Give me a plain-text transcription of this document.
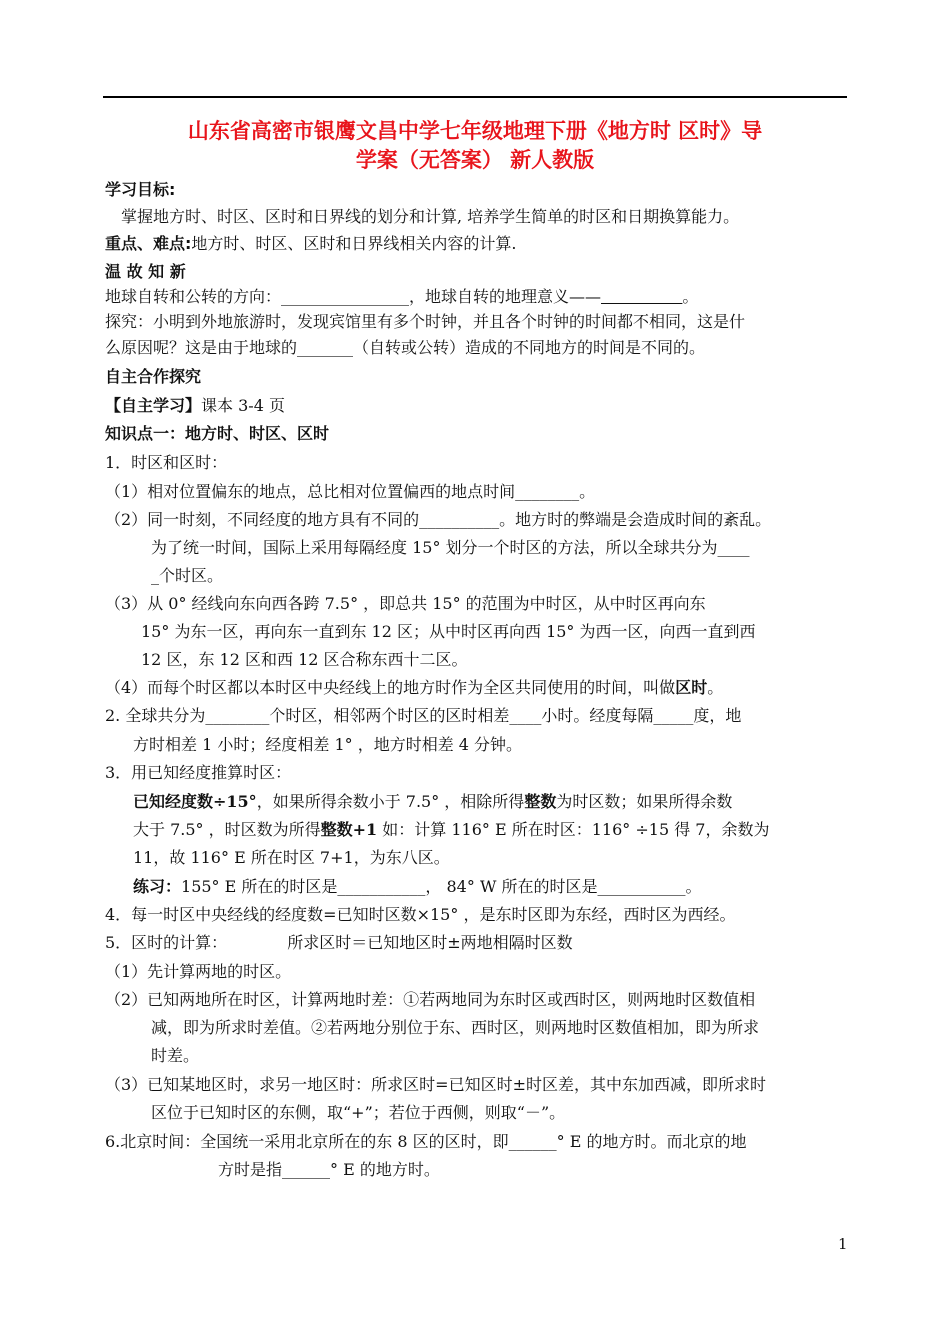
山东省高密市银鹰文昌中学七年级地理下册《地方时 区时》导
学案（无答案） 新人教版
学习目标:
掌握地方时、时区、区时和日界线的划分和计算, 培养学生简单的时区和日期换算能力。
重点、难点:地方时、时区、区时和日界线相关内容的计算.
温 故 知 新
地球自转和公转的方向：________________，地球自转的地理意义——	。
探究：小明到外地旅游时，发现宾馆里有多个时钟，并且各个时钟的时间都不相同，这是什
么原因呢？这是由于地球的_______（自转或公转）造成的不同地方的时间是不同的。
自主合作探究
【自主学习】课本 3-4 页
知识点一：地方时、时区、区时
1．时区和区时：
（1）相对位置偏东的地点，总比相对位置偏西的地点时间________。
（2）同一时刻，不同经度的地方具有不同的__________。地方时的弊端是会造成时间的紊乱。
为了统一时间，国际上采用每隔经度 15° 划分一个时区的方法，所以全球共分为____
_个时区。
（3）从 0° 经线向东向西各跨 7.5° ，即总共 15° 的范围为中时区，从中时区再向东
15° 为东一区，再向东一直到东 12 区；从中时区再向西 15° 为西一区，向西一直到西
12 区，东 12 区和西 12 区合称东西十二区。
（4）而每个时区都以本时区中央经线上的地方时作为全区共同使用的时间，叫做区时。
2. 全球共分为________个时区，相邻两个时区的区时相差____小时。经度每隔_____度，地
方时相差 1 小时；经度相差 1° ，地方时相差 4 分钟。
3．用已知经度推算时区：
已知经度数÷15°，如果所得余数小于 7.5° ，相除所得整数为时区数；如果所得余数
大于 7.5° ，时区数为所得整数+1 如：计算 116° E 所在时区：116° ÷15 得 7，余数为
11，故 116° E 所在时区 7+1，为东八区。
练习：155° E 所在的时区是___________， 84° W 所在的时区是___________。
4．每一时区中央经线的经度数=已知时区数×15° ，是东时区即为东经，西时区为西经。
5．区时的计算：	所求区时＝已知地区时±两地相隔时区数
（1）先计算两地的时区。
（2）已知两地所在时区，计算两地时差：①若两地同为东时区或西时区，则两地时区数值相
减，即为所求时差值。②若两地分别位于东、西时区，则两地时区数值相加，即为所求
时差。
（3）已知某地区时，求另一地区时：所求区时=已知区时±时区差，其中东加西减，即所求时
区位于已知时区的东侧，取“+”；若位于西侧，则取“－”。
6.北京时间：全国统一采用北京所在的东 8 区的区时，即______° E 的地方时。而北京的地
方时是指______° E 的地方时。
1
